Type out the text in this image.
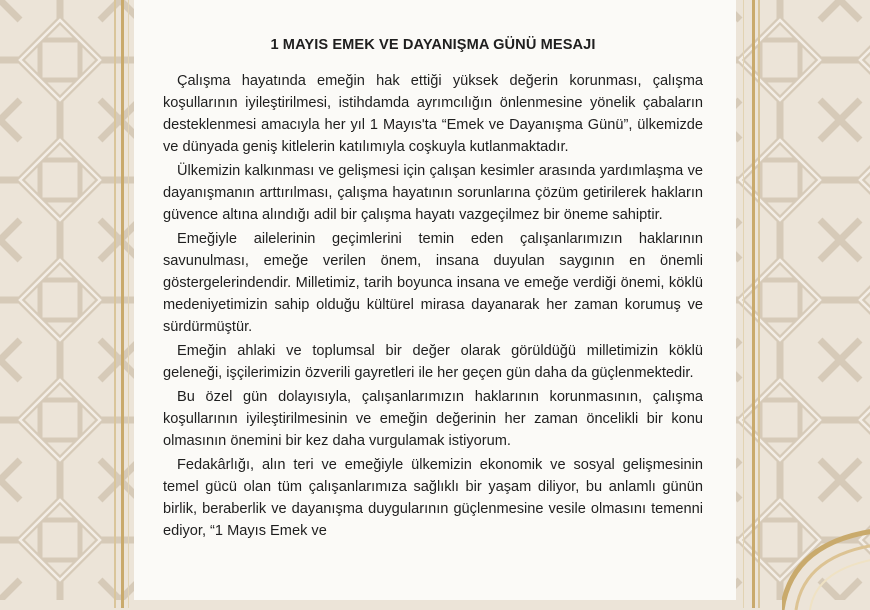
1 MAYIS EMEK VE DAYANIŞMA GÜNÜ MESAJI

Çalışma hayatında emeğin hak ettiği yüksek değerin korunması, çalışma koşullarının iyileştirilmesi, istihdamda ayrımcılığın önlenmesine yönelik çabaların desteklenmesi amacıyla her yıl 1 Mayıs'ta “Emek ve Dayanışma Günü”, ülkemizde ve dünyada geniş kitlelerin katılımıyla coşkuyla kutlanmaktadır.

Ülkemizin kalkınması ve gelişmesi için çalışan kesimler arasında yardımlaşma ve dayanışmanın arttırılması, çalışma hayatının sorunlarına çözüm getirilerek hakların güvence altına alındığı adil bir çalışma hayatı vazgeçilmez bir öneme sahiptir.

Emeğiyle ailelerinin geçimlerini temin eden çalışanlarımızın haklarının savunulması, emeğe verilen önem, insana duyulan saygının en önemli göstergelerindendir. Milletimiz, tarih boyunca insana ve emeğe verdiği önemi, köklü medeniyetimizin sahip olduğu kültürel mirasa dayanarak her zaman korumuş ve sürdürmüştür.

Emeğin ahlaki ve toplumsal bir değer olarak görüldüğü milletimizin köklü geleneği, işçilerimizin özverili gayretleri ile her geçen gün daha da güçlenmektedir.

Bu özel gün dolayısıyla, çalışanlarımızın haklarının korunmasının, çalışma koşullarının iyileştirilmesinin ve emeğin değerinin her zaman öncelikli bir konu olmasının önemini bir kez daha vurgulamak istiyorum.

Fedakârlığı, alın teri ve emeğiyle ülkemizin ekonomik ve sosyal gelişmesinin temel gücü olan tüm çalışanlarımıza sağlıklı bir yaşam diliyor, bu anlamlı günün birlik, beraberlik ve dayanışma duygularının güçlenmesine vesile olmasını temenni ediyor, “1 Mayıs Emek ve
